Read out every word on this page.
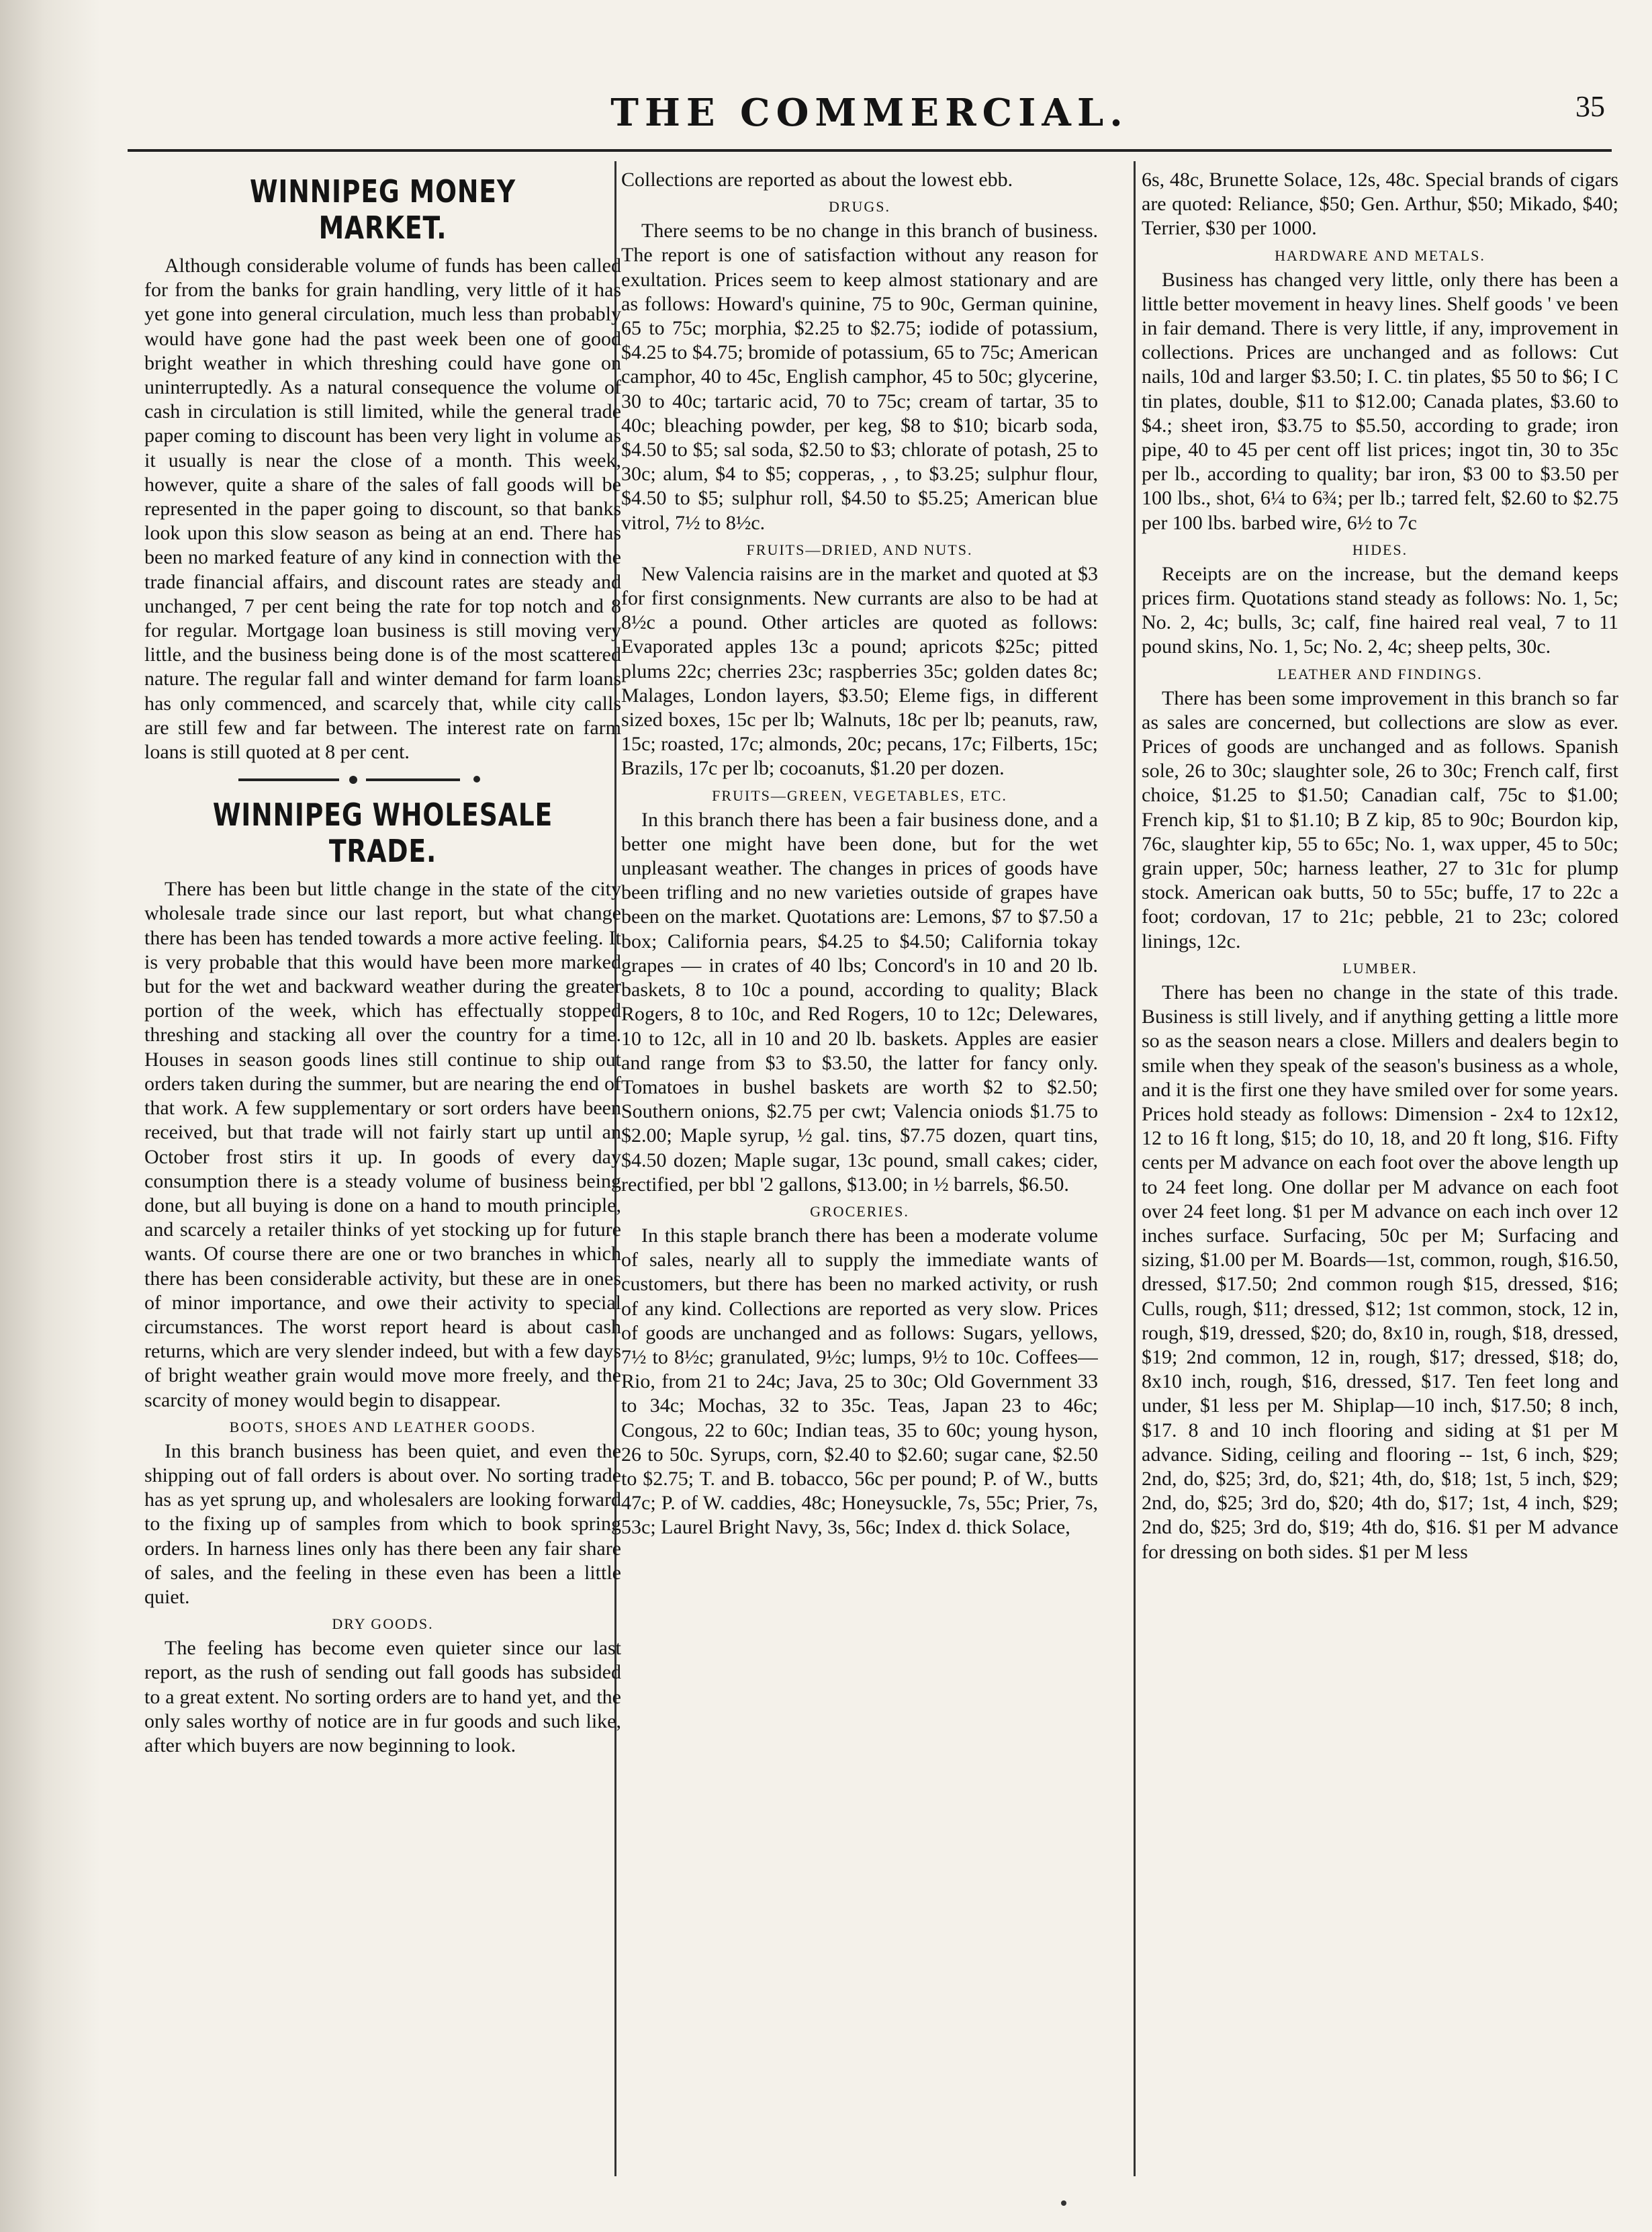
THE COMMERCIAL.	35
WINNIPEG MONEY MARKET.

Although considerable volume of funds has been called for from the banks for grain handling, very little of it has yet gone into general circulation, much less than probably would have gone had the past week been one of good bright weather in which threshing could have gone on uninterruptedly. As a natural consequence the volume of cash in circulation is still limited, while the general trade paper coming to discount has been very light in volume as it usually is near the close of a month. This week, however, quite a share of the sales of fall goods will be represented in the paper going to discount, so that banks look upon this slow season as being at an end. There has been no marked feature of any kind in connection with the trade financial affairs, and discount rates are steady and unchanged, 7 per cent being the rate for top notch and 8 for regular. Mortgage loan business is still moving very little, and the business being done is of the most scattered nature. The regular fall and winter demand for farm loans has only commenced, and scarcely that, while city calls are still few and far between. The interest rate on farm loans is still quoted at 8 per cent.

WINNIPEG WHOLESALE TRADE.

There has been but little change in the state of the city wholesale trade since our last report, but what change there has been has tended towards a more active feeling. It is very probable that this would have been more marked but for the wet and backward weather during the greater portion of the week, which has effectually stopped threshing and stacking all over the country for a time. Houses in season goods lines still continue to ship out orders taken during the summer, but are nearing the end of that work. A few supplementary or sort orders have been received, but that trade will not fairly start up until an October frost stirs it up. In goods of every day consumption there is a steady volume of business being done, but all buying is done on a hand to mouth principle, and scarcely a retailer thinks of yet stocking up for future wants. Of course there are one or two branches in which there has been considerable activity, but these are in ones of minor importance, and owe their activity to special circumstances. The worst report heard is about cash returns, which are very slender indeed, but with a few days of bright weather grain would move more freely, and the scarcity of money would begin to disappear.

BOOTS, SHOES AND LEATHER GOODS.

In this branch business has been quiet, and even the shipping out of fall orders is about over. No sorting trade has as yet sprung up, and wholesalers are looking forward to the fixing up of samples from which to book spring orders. In harness lines only has there been any fair share of sales, and the feeling in these even has been a little quiet.

DRY GOODS.

The feeling has become even quieter since our last report, as the rush of sending out fall goods has subsided to a great extent. No sorting orders are to hand yet, and the only sales worthy of notice are in fur goods and such like, after which buyers are now beginning to look.

Collections are reported as about the lowest ebb.

DRUGS.

There seems to be no change in this branch of business. The report is one of satisfaction without any reason for exultation. Prices seem to keep almost stationary and are as follows: Howard's quinine, 75 to 90c, German quinine, 65 to 75c; morphia, $2.25 to $2.75; iodide of potassium, $4.25 to $4.75; bromide of potassium, 65 to 75c; American camphor, 40 to 45c, English camphor, 45 to 50c; glycerine, 30 to 40c; tartaric acid, 70 to 75c; cream of tartar, 35 to 40c; bleaching powder, per keg, $8 to $10; bicarb soda, $4.50 to $5; sal soda, $2.50 to $3; chlorate of potash, 25 to 30c; alum, $4 to $5; copperas, , , to $3.25; sulphur flour, $4.50 to $5; sulphur roll, $4.50 to $5.25; American blue vitrol, 7½ to 8½c.

FRUITS—DRIED, AND NUTS.

New Valencia raisins are in the market and quoted at $3 for first consignments. New currants are also to be had at 8½c a pound. Other articles are quoted as follows: Evaporated apples 13c a pound; apricots $25c; pitted plums 22c; cherries 23c; raspberries 35c; golden dates 8c; Malages, London layers, $3.50; Eleme figs, in different sized boxes, 15c per lb; Walnuts, 18c per lb; peanuts, raw, 15c; roasted, 17c; almonds, 20c; pecans, 17c; Filberts, 15c; Brazils, 17c per lb; cocoanuts, $1.20 per dozen.

FRUITS—GREEN, VEGETABLES, ETC.

In this branch there has been a fair business done, and a better one might have been done, but for the wet unpleasant weather. The changes in prices of goods have been trifling and no new varieties outside of grapes have been on the market. Quotations are: Lemons, $7 to $7.50 a box; California pears, $4.25 to $4.50; California tokay grapes — in crates of 40 lbs; Concord's in 10 and 20 lb. baskets, 8 to 10c a pound, according to quality; Black Rogers, 8 to 10c, and Red Rogers, 10 to 12c; Delewares, 10 to 12c, all in 10 and 20 lb. baskets. Apples are easier and range from $3 to $3.50, the latter for fancy only. Tomatoes in bushel baskets are worth $2 to $2.50; Southern onions, $2.75 per cwt; Valencia oniods $1.75 to $2.00; Maple syrup, ½ gal. tins, $7.75 dozen, quart tins, $4.50 dozen; Maple sugar, 13c pound, small cakes; cider, rectified, per bbl '2 gallons, $13.00; in ½ barrels, $6.50.

GROCERIES.

In this staple branch there has been a moderate volume of sales, nearly all to supply the immediate wants of customers, but there has been no marked activity, or rush of any kind. Collections are reported as very slow. Prices of goods are unchanged and as follows: Sugars, yellows, 7½ to 8½c; granulated, 9½c; lumps, 9½ to 10c. Coffees—Rio, from 21 to 24c; Java, 25 to 30c; Old Government 33 to 34c; Mochas, 32 to 35c. Teas, Japan 23 to 46c; Congous, 22 to 60c; Indian teas, 35 to 60c; young hyson, 26 to 50c. Syrups, corn, $2.40 to $2.60; sugar cane, $2.50 to $2.75; T. and B. tobacco, 56c per pound; P. of W., butts 47c; P. of W. caddies, 48c; Honeysuckle, 7s, 55c; Prier, 7s, 53c; Laurel Bright Navy, 3s, 56c; Index d. thick Solace,

6s, 48c, Brunette Solace, 12s, 48c. Special brands of cigars are quoted: Reliance, $50; Gen. Arthur, $50; Mikado, $40; Terrier, $30 per 1000.

HARDWARE AND METALS.

Business has changed very little, only there has been a little better movement in heavy lines. Shelf goods ' ve been in fair demand. There is very little, if any, improvement in collections. Prices are unchanged and as follows: Cut nails, 10d and larger $3.50; I. C. tin plates, $5 50 to $6; I C tin plates, double, $11 to $12.00; Canada plates, $3.60 to $4.; sheet iron, $3.75 to $5.50, according to grade; iron pipe, 40 to 45 per cent off list prices; ingot tin, 30 to 35c per lb., according to quality; bar iron, $3 00 to $3.50 per 100 lbs., shot, 6¼ to 6¾; per lb.; tarred felt, $2.60 to $2.75 per 100 lbs. barbed wire, 6½ to 7c

HIDES.

Receipts are on the increase, but the demand keeps prices firm. Quotations stand steady as follows: No. 1, 5c; No. 2, 4c; bulls, 3c; calf, fine haired real veal, 7 to 11 pound skins, No. 1, 5c; No. 2, 4c; sheep pelts, 30c.

LEATHER AND FINDINGS.

There has been some improvement in this branch so far as sales are concerned, but collections are slow as ever. Prices of goods are unchanged and as follows. Spanish sole, 26 to 30c; slaughter sole, 26 to 30c; French calf, first choice, $1.25 to $1.50; Canadian calf, 75c to $1.00; French kip, $1 to $1.10; B Z kip, 85 to 90c; Bourdon kip, 76c, slaughter kip, 55 to 65c; No. 1, wax upper, 45 to 50c; grain upper, 50c; harness leather, 27 to 31c for plump stock. American oak butts, 50 to 55c; buffe, 17 to 22c a foot; cordovan, 17 to 21c; pebble, 21 to 23c; colored linings, 12c.

LUMBER.

There has been no change in the state of this trade. Business is still lively, and if anything getting a little more so as the season nears a close. Millers and dealers begin to smile when they speak of the season's business as a whole, and it is the first one they have smiled over for some years. Prices hold steady as follows: Dimension - 2x4 to 12x12, 12 to 16 ft long, $15; do 10, 18, and 20 ft long, $16. Fifty cents per M advance on each foot over the above length up to 24 feet long. One dollar per M advance on each foot over 24 feet long. $1 per M advance on each inch over 12 inches surface. Surfacing, 50c per M; Surfacing and sizing, $1.00 per M. Boards—1st, common, rough, $16.50, dressed, $17.50; 2nd common rough $15, dressed, $16; Culls, rough, $11; dressed, $12; 1st common, stock, 12 in, rough, $19, dressed, $20; do, 8x10 in, rough, $18, dressed, $19; 2nd common, 12 in, rough, $17; dressed, $18; do, 8x10 inch, rough, $16, dressed, $17. Ten feet long and under, $1 less per M. Shiplap—10 inch, $17.50; 8 inch, $17. 8 and 10 inch flooring and siding at $1 per M advance. Siding, ceiling and flooring -- 1st, 6 inch, $29; 2nd, do, $25; 3rd, do, $21; 4th, do, $18; 1st, 5 inch, $29; 2nd, do, $25; 3rd do, $20; 4th do, $17; 1st, 4 inch, $29; 2nd do, $25; 3rd do, $19; 4th do, $16. $1 per M advance for dressing on both sides. $1 per M less
